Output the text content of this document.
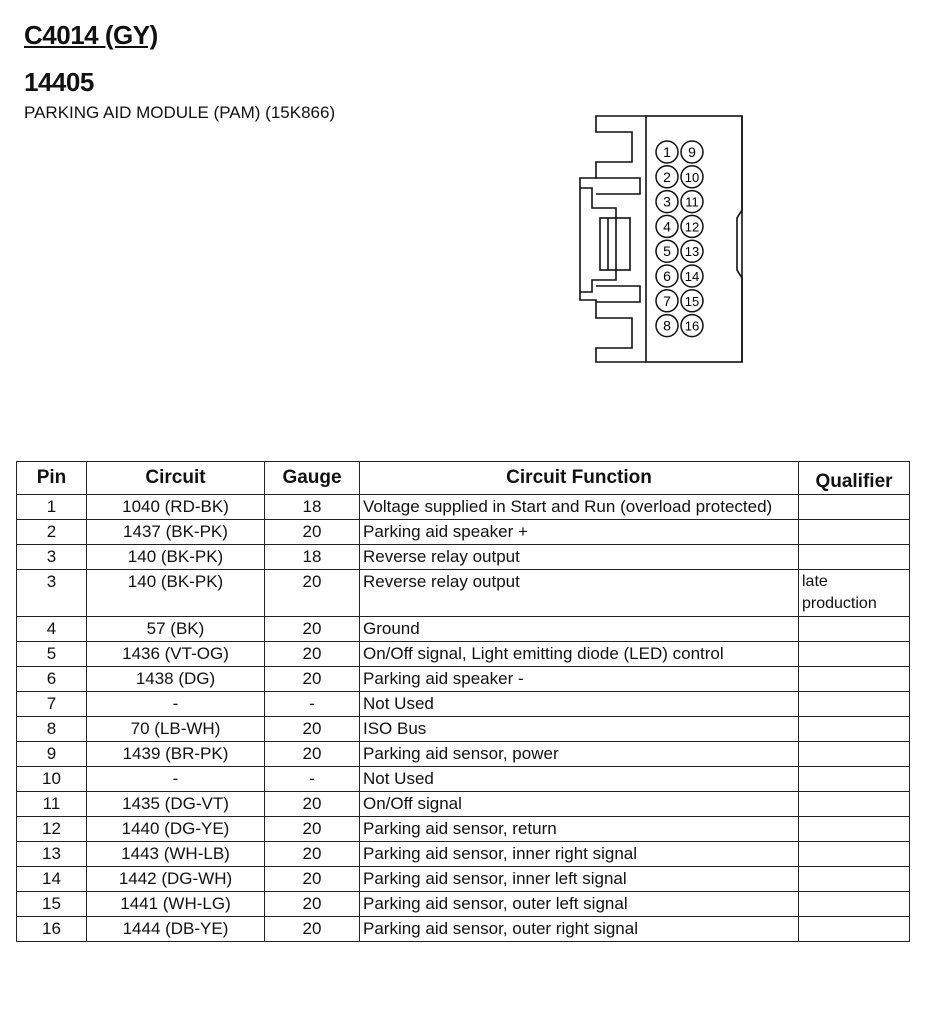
C4014 (GY)
14405
PARKING AID MODULE (PAM) (15K866)
1
2
3
4
5
6
7
8
9
10
11
12
13
14
15
16
Pin	Circuit	Gauge	Circuit Function	Qualifier
1	1040 (RD-BK)	18	Voltage supplied in Start and Run (overload protected)	
2	1437 (BK-PK)	20	Parking aid speaker +	
3	140 (BK-PK)	18	Reverse relay output	
3	140 (BK-PK)	20	Reverse relay output	late production
4	57 (BK)	20	Ground	
5	1436 (VT-OG)	20	On/Off signal, Light emitting diode (LED) control	
6	1438 (DG)	20	Parking aid speaker -	
7	-	-	Not Used	
8	70 (LB-WH)	20	ISO Bus	
9	1439 (BR-PK)	20	Parking aid sensor, power	
10	-	-	Not Used	
11	1435 (DG-VT)	20	On/Off signal	
12	1440 (DG-YE)	20	Parking aid sensor, return	
13	1443 (WH-LB)	20	Parking aid sensor, inner right signal	
14	1442 (DG-WH)	20	Parking aid sensor, inner left signal	
15	1441 (WH-LG)	20	Parking aid sensor, outer left signal	
16	1444 (DB-YE)	20	Parking aid sensor, outer right signal	
